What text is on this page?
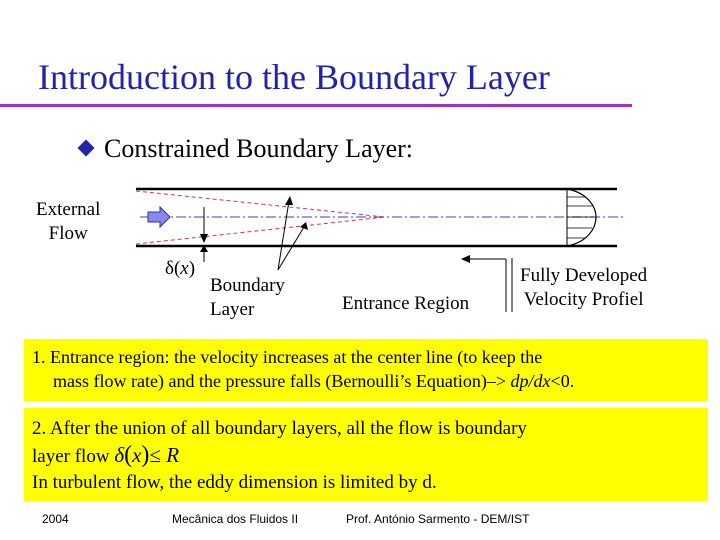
Introduction to the Boundary Layer
Constrained Boundary Layer:
External
Flow
δ(x)
Boundary
Layer	Entrance Region
Fully Developed
Velocity Profiel
1. Entrance region: the velocity increases at the center line (to keep the
mass flow rate) and the pressure falls (Bernoulli’s Equation)–> dp/dx<0.
2. After the union of all boundary layers, all the flow is boundary
layer flow δ(x)≤ R
In turbulent flow, the eddy dimension is limited by d.
2004	Mecânica dos Fluidos II	Prof. António Sarmento - DEM/IST
